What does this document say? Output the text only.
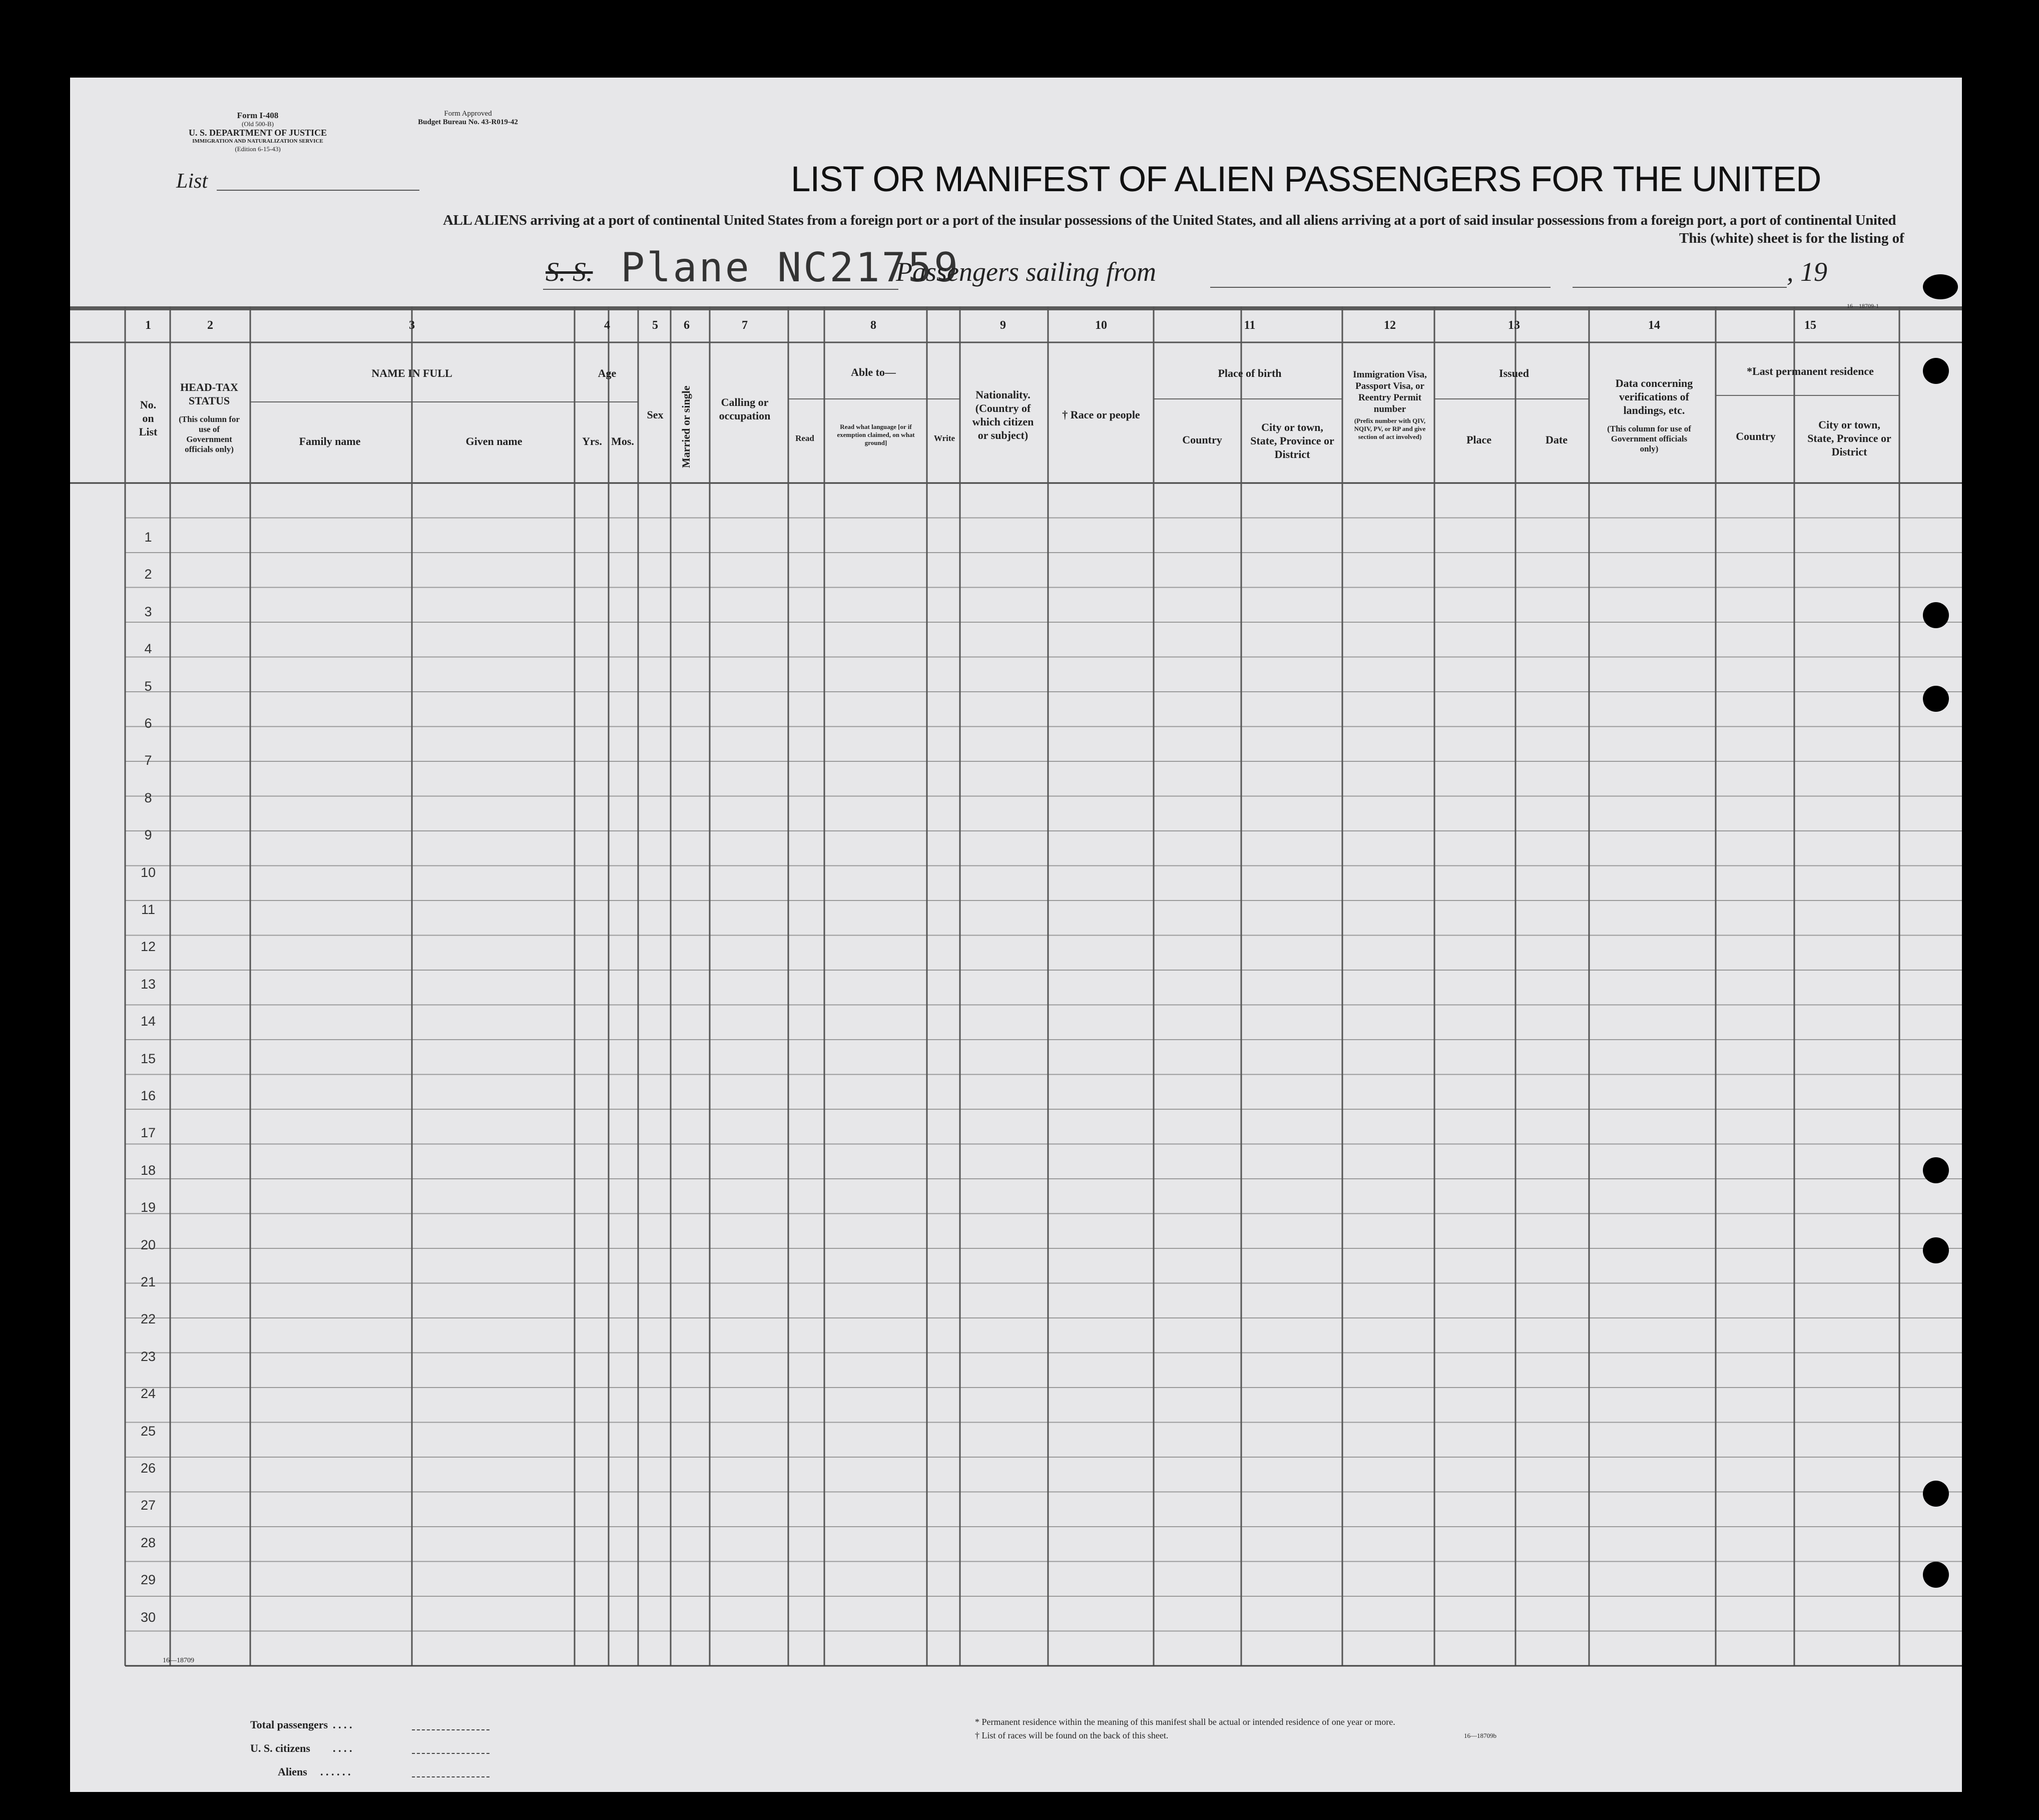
Form I-408
(Old 500-B)
U. S. DEPARTMENT OF JUSTICE
IMMIGRATION AND NATURALIZATION SERVICE
(Edition 6-15-43)
Form Approved
Budget Bureau No. 43-R019-42
List	LIST OR MANIFEST OF ALIEN PASSENGERS FOR THE UNITED
ALL ALIENS arriving at a port of continental United States from a foreign port or a port of the insular possessions of the United States, and all aliens arriving at a port of said insular possessions from a foreign port, a port of continental United
This (white) sheet is for the listing of
S. S. Plane NC21759
Passengers sailing from	, 19
16—18709-1
1	2	3	4	5 6	7	8	9	10	11	12	13	14	15
No. on List
HEAD-TAX STATUS
(This column for use of Government officials only)
NAME IN FULL
Family name	Given name
Age
Yrs. Mos.
Sex Married or single	Calling or occupation
Able to—
Read
Read what language [or if exemption claimed, on what ground]	Write
Nationality.
(Country of which citizen or subject)
† Race or people
Place of birth
Country
City or town, State, Province or District
Immigration Visa, Passport Visa, or Reentry Permit number
(Prefix number with QIV, NQIV, PV, or RP and give section of act involved)
Issued
Place	Date
Data concerning verifications of landings, etc.
(This column for use of Government officials only)
*Last permanent residence
Country
City or town, State, Province or District
1
2
3
4
5
6
7
8
9
10
11
12
13
14
15
16
17
18
19
20
21
22
23
24
25
26
27
28
29
30
16—18709
Total passengers . . . .
U. S. citizens . . . .
Aliens . . . . . .
* Permanent residence within the meaning of this manifest shall be actual or intended residence of one year or more.
† List of races will be found on the back of this sheet.	16—18709b
